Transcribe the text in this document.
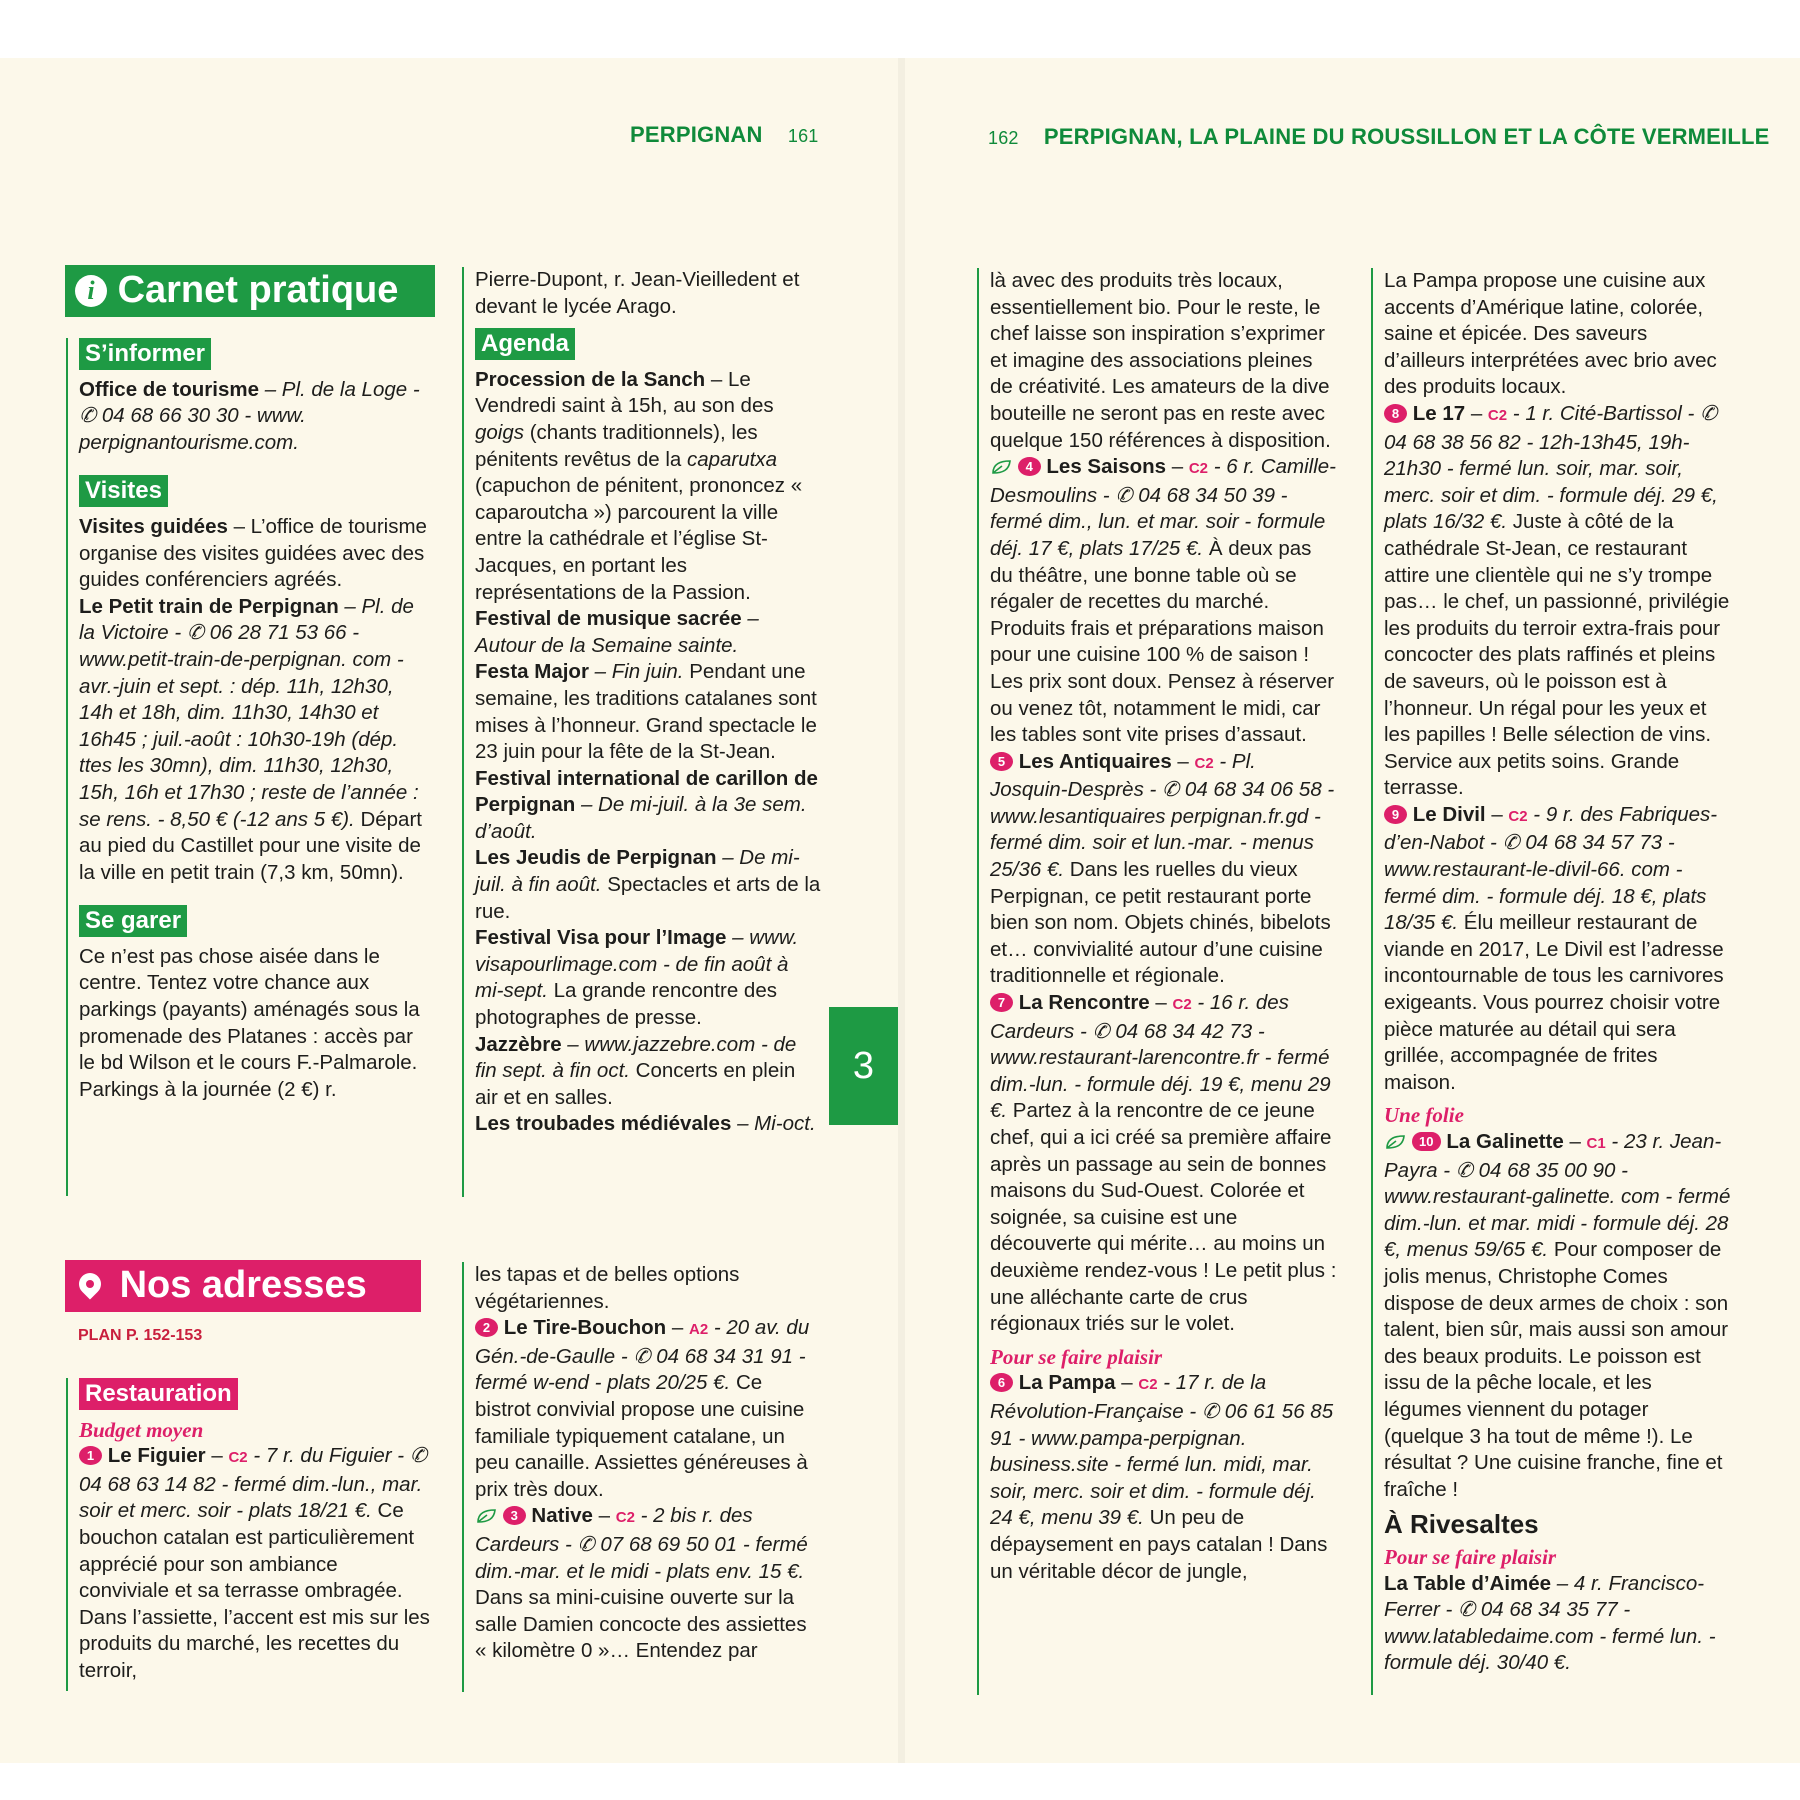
PERPIGNAN 161
i Carnet pratique
S’informer

Office de tourisme – Pl. de la Loge - ✆ 04 68 66 30 30 - www. perpignantourisme.com.

Visites

Visites guidées – L’office de tourisme organise des visites guidées avec des guides conférenciers agréés.

Le Petit train de Perpignan – Pl. de la Victoire - ✆ 06 28 71 53 66 - www.petit-train-de-perpignan. com - avr.-juin et sept. : dép. 11h, 12h30, 14h et 18h, dim. 11h30, 14h30 et 16h45 ; juil.-août : 10h30-19h (dép. ttes les 30mn), dim. 11h30, 12h30, 15h, 16h et 17h30 ; reste de l’année : se rens. - 8,50 € (-12 ans 5 €). Départ au pied du Castillet pour une visite de la ville en petit train (7,3 km, 50mn).

Se garer

Ce n’est pas chose aisée dans le centre. Tentez votre chance aux parkings (payants) aménagés sous la promenade des Platanes : accès par le bd Wilson et le cours F.-Palmarole. Parkings à la journée (2 €) r.

Pierre-Dupont, r. Jean-Vieilledent et devant le lycée Arago.

Agenda

Procession de la Sanch – Le Vendredi saint à 15h, au son des goigs (chants traditionnels), les pénitents revêtus de la caparutxa (capuchon de pénitent, prononcez « caparoutcha ») parcourent la ville entre la cathédrale et l’église St-Jacques, en portant les représentations de la Passion.

Festival de musique sacrée – Autour de la Semaine sainte.

Festa Major – Fin juin. Pendant une semaine, les traditions catalanes sont mises à l’honneur. Grand spectacle le 23 juin pour la fête de la St-Jean.

Festival international de carillon de Perpignan – De mi-juil. à la 3e sem. d’août.

Les Jeudis de Perpignan – De mi-juil. à fin août. Spectacles et arts de la rue.

Festival Visa pour l’Image – www. visapourlimage.com - de fin août à mi-sept. La grande rencontre des photographes de presse.

Jazzèbre – www.jazzebre.com - de fin sept. à fin oct. Concerts en plein air et en salles.

Les troubades médiévales – Mi-oct.

3
Nos adresses
PLAN P. 152-153
Restauration
Budget moyen

1 Le Figuier – C2 - 7 r. du Figuier - ✆ 04 68 63 14 82 - fermé dim.-lun., mar. soir et merc. soir - plats 18/21 €. Ce bouchon catalan est particulièrement apprécié pour son ambiance conviviale et sa terrasse ombragée. Dans l’assiette, l’accent est mis sur les produits du marché, les recettes du terroir,

les tapas et de belles options végétariennes.

2 Le Tire-Bouchon – A2 - 20 av. du Gén.-de-Gaulle - ✆ 04 68 34 31 91 - fermé w-end - plats 20/25 €. Ce bistrot convivial propose une cuisine familiale typiquement catalane, un peu canaille. Assiettes généreuses à prix très doux.

3 Native – C2 - 2 bis r. des Cardeurs - ✆ 07 68 69 50 01 - fermé dim.-mar. et le midi - plats env. 15 €. Dans sa mini-cuisine ouverte sur la salle Damien concocte des assiettes « kilomètre 0 »… Entendez par

162 PERPIGNAN, LA PLAINE DU ROUSSILLON ET LA CÔTE VERMEILLE

là avec des produits très locaux, essentiellement bio. Pour le reste, le chef laisse son inspiration s’exprimer et imagine des associations pleines de créativité. Les amateurs de la dive bouteille ne seront pas en reste avec quelque 150 références à disposition.

4 Les Saisons – C2 - 6 r. Camille-Desmoulins - ✆ 04 68 34 50 39 - fermé dim., lun. et mar. soir - formule déj. 17 €, plats 17/25 €. À deux pas du théâtre, une bonne table où se régaler de recettes du marché. Produits frais et préparations maison pour une cuisine 100 % de saison ! Les prix sont doux. Pensez à réserver ou venez tôt, notamment le midi, car les tables sont vite prises d’assaut.

5 Les Antiquaires – C2 - Pl. Josquin-Desprès - ✆ 04 68 34 06 58 - www.lesantiquaires perpignan.fr.gd - fermé dim. soir et lun.-mar. - menus 25/36 €. Dans les ruelles du vieux Perpignan, ce petit restaurant porte bien son nom. Objets chinés, bibelots et… convivialité autour d’une cuisine traditionnelle et régionale.

7 La Rencontre – C2 - 16 r. des Cardeurs - ✆ 04 68 34 42 73 - www.restaurant-larencontre.fr - fermé dim.-lun. - formule déj. 19 €, menu 29 €. Partez à la rencontre de ce jeune chef, qui a ici créé sa première affaire après un passage au sein de bonnes maisons du Sud-Ouest. Colorée et soignée, sa cuisine est une découverte qui mérite… au moins un deuxième rendez-vous ! Le petit plus : une alléchante carte de crus régionaux triés sur le volet.

Pour se faire plaisir

6 La Pampa – C2 - 17 r. de la Révolution-Française - ✆ 06 61 56 85 91 - www.pampa-perpignan. business.site - fermé lun. midi, mar. soir, merc. soir et dim. - formule déj. 24 €, menu 39 €. Un peu de dépaysement en pays catalan ! Dans un véritable décor de jungle,

La Pampa propose une cuisine aux accents d’Amérique latine, colorée, saine et épicée. Des saveurs d’ailleurs interprétées avec brio avec des produits locaux.

8 Le 17 – C2 - 1 r. Cité-Bartissol - ✆ 04 68 38 56 82 - 12h-13h45, 19h-21h30 - fermé lun. soir, mar. soir, merc. soir et dim. - formule déj. 29 €, plats 16/32 €. Juste à côté de la cathédrale St-Jean, ce restaurant attire une clientèle qui ne s’y trompe pas… le chef, un passionné, privilégie les produits du terroir extra-frais pour concocter des plats raffinés et pleins de saveurs, où le poisson est à l’honneur. Un régal pour les yeux et les papilles ! Belle sélection de vins. Service aux petits soins. Grande terrasse.

9 Le Divil – C2 - 9 r. des Fabriques-d’en-Nabot - ✆ 04 68 34 57 73 - www.restaurant-le-divil-66. com - fermé dim. - formule déj. 18 €, plats 18/35 €. Élu meilleur restaurant de viande en 2017, Le Divil est l’adresse incontournable de tous les carnivores exigeants. Vous pourrez choisir votre pièce maturée au détail qui sera grillée, accompagnée de frites maison.

Une folie

10 La Galinette – C1 - 23 r. Jean-Payra - ✆ 04 68 35 00 90 - www.restaurant-galinette. com - fermé dim.-lun. et mar. midi - formule déj. 28 €, menus 59/65 €. Pour composer de jolis menus, Christophe Comes dispose de deux armes de choix : son talent, bien sûr, mais aussi son amour des beaux produits. Le poisson est issu de la pêche locale, et les légumes viennent du potager (quelque 3 ha tout de même !). Le résultat ? Une cuisine franche, fine et fraîche !

À Rivesaltes
Pour se faire plaisir

La Table d’Aimée – 4 r. Francisco-Ferrer - ✆ 04 68 34 35 77 - www.latabledaime.com - fermé lun. - formule déj. 30/40 €.
